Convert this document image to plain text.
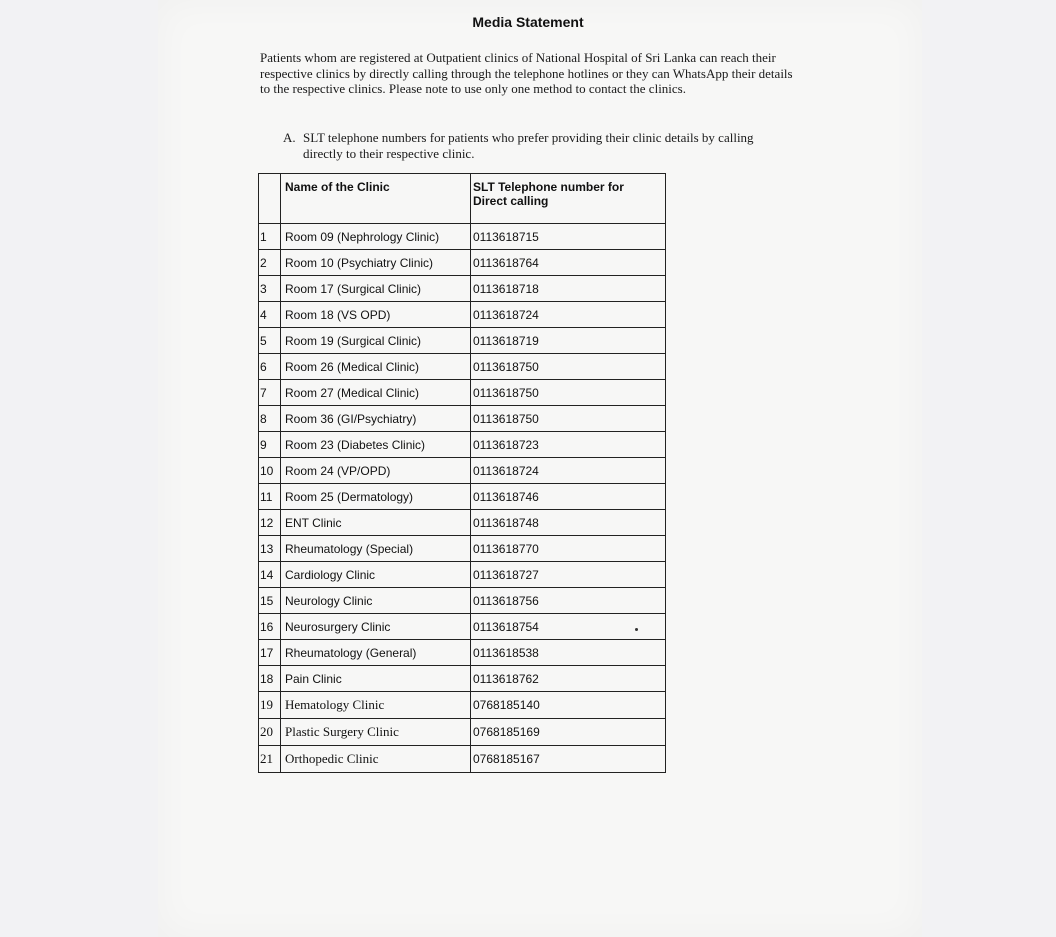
Media Statement
Patients whom are registered at Outpatient clinics of National Hospital of Sri Lanka can reach their respective clinics by directly calling through the telephone hotlines or they can WhatsApp their details to the respective clinics. Please note to use only one method to contact the clinics.
A. SLT telephone numbers for patients who prefer providing their clinic details by calling directly to their respective clinic.
	Name of the Clinic	SLT Telephone number for Direct calling
1	Room 09 (Nephrology Clinic)	0113618715
2	Room 10 (Psychiatry Clinic)	0113618764
3	Room 17 (Surgical Clinic)	0113618718
4	Room 18 (VS OPD)	0113618724
5	Room 19 (Surgical Clinic)	0113618719
6	Room 26 (Medical Clinic)	0113618750
7	Room 27 (Medical Clinic)	0113618750
8	Room 36 (GI/Psychiatry)	0113618750
9	Room 23 (Diabetes Clinic)	0113618723
10	Room 24 (VP/OPD)	0113618724
11	Room 25 (Dermatology)	0113618746
12	ENT Clinic	0113618748
13	Rheumatology (Special)	0113618770
14	Cardiology Clinic	0113618727
15	Neurology Clinic	0113618756
16	Neurosurgery Clinic	0113618754
17	Rheumatology (General)	0113618538
18	Pain Clinic	0113618762
19	Hematology Clinic	0768185140
20	Plastic Surgery Clinic	0768185169
21	Orthopedic Clinic	0768185167
